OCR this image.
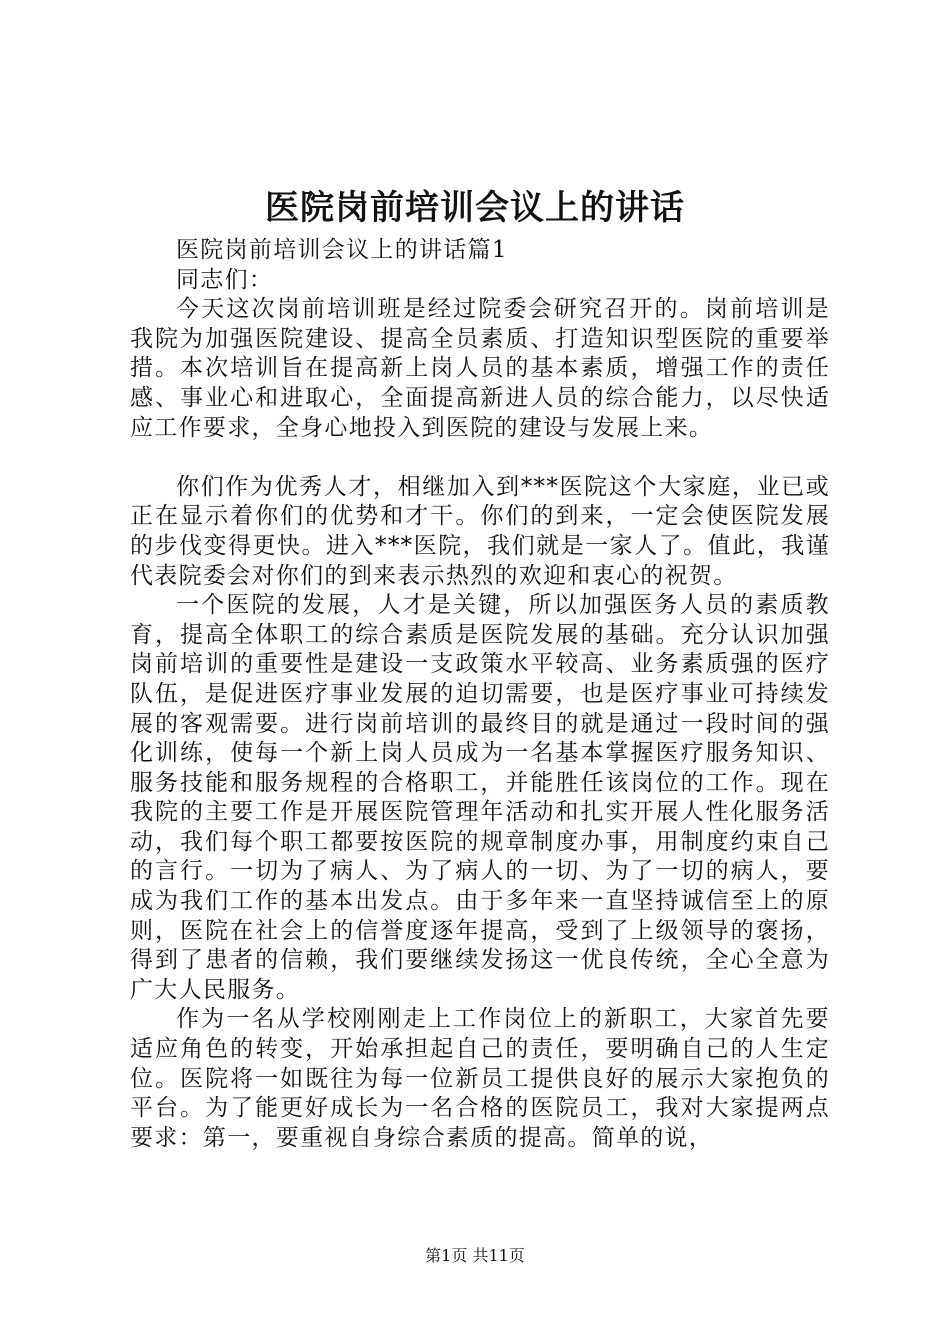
医院岗前培训会议上的讲话

医院岗前培训会议上的讲话篇1

同志们：

今天这次岗前培训班是经过院委会研究召开的。岗前培训是我院为加强医院建设、提高全员素质、打造知识型医院的重要举措。本次培训旨在提高新上岗人员的基本素质，增强工作的责任感、事业心和进取心，全面提高新进人员的综合能力，以尽快适应工作要求，全身心地投入到医院的建设与发展上来。

你们作为优秀人才，相继加入到***医院这个大家庭，业已或正在显示着你们的优势和才干。你们的到来，一定会使医院发展的步伐变得更快。进入***医院，我们就是一家人了。值此，我谨代表院委会对你们的到来表示热烈的欢迎和衷心的祝贺。

一个医院的发展，人才是关键，所以加强医务人员的素质教育，提高全体职工的综合素质是医院发展的基础。充分认识加强岗前培训的重要性是建设一支政策水平较高、业务素质强的医疗队伍，是促进医疗事业发展的迫切需要，也是医疗事业可持续发展的客观需要。进行岗前培训的最终目的就是通过一段时间的强化训练，使每一个新上岗人员成为一名基本掌握医疗服务知识、服务技能和服务规程的合格职工，并能胜任该岗位的工作。现在我院的主要工作是开展医院管理年活动和扎实开展人性化服务活动，我们每个职工都要按医院的规章制度办事，用制度约束自己的言行。一切为了病人、为了病人的一切、为了一切的病人，要成为我们工作的基本出发点。由于多年来一直坚持诚信至上的原则，医院在社会上的信誉度逐年提高，受到了上级领导的褒扬，得到了患者的信赖，我们要继续发扬这一优良传统，全心全意为广大人民服务。

作为一名从学校刚刚走上工作岗位上的新职工，大家首先要适应角色的转变，开始承担起自己的责任，要明确自己的人生定位。医院将一如既往为每一位新员工提供良好的展示大家抱负的平台。为了能更好成长为一名合格的医院员工，我对大家提两点要求：第一，要重视自身综合素质的提高。简单的说，

第1页 共11页
